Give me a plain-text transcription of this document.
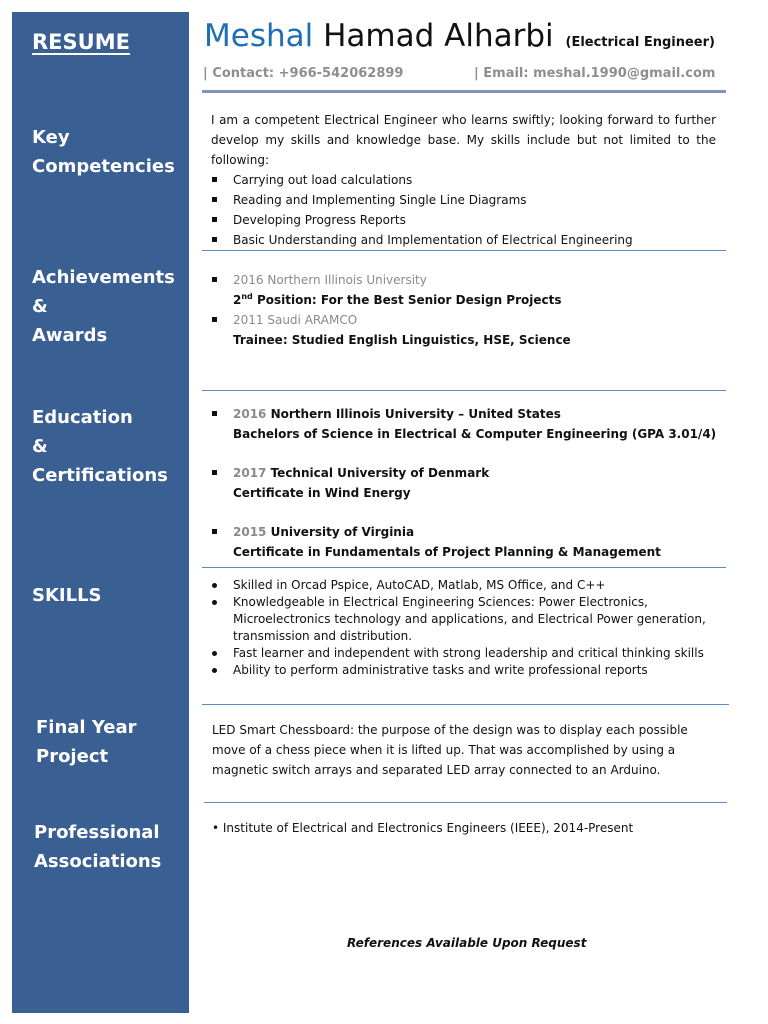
RESUME
Key
Competencies
Achievements
&
Awards
Education
&
Certifications
SKILLS
Final Year
Project
Professional
Associations
Meshal Hamad Alharbi (Electrical Engineer)
| Contact: +966-542062899	| Email: meshal.1990@gmail.com
I am a competent Electrical Engineer who learns swiftly; looking forward to further develop my skills and knowledge base. My skills include but not limited to the following:
Carrying out load calculations
Reading and Implementing Single Line Diagrams
Developing Progress Reports
Basic Understanding and Implementation of Electrical Engineering
2016 Northern Illinois University
2nd Position: For the Best Senior Design Projects
2011 Saudi ARAMCO
Trainee: Studied English Linguistics, HSE, Science
2016 Northern Illinois University – United States
Bachelors of Science in Electrical & Computer Engineering (GPA 3.01/4)
2017 Technical University of Denmark
Certificate in Wind Energy
2015 University of Virginia
Certificate in Fundamentals of Project Planning & Management
Skilled in Orcad Pspice, AutoCAD, Matlab, MS Office, and C++
Knowledgeable in Electrical Engineering Sciences: Power Electronics, Microelectronics technology and applications, and Electrical Power generation, transmission and distribution.
Fast learner and independent with strong leadership and critical thinking skills
Ability to perform administrative tasks and write professional reports
LED Smart Chessboard: the purpose of the design was to display each possible move of a chess piece when it is lifted up. That was accomplished by using a magnetic switch arrays and separated LED array connected to an Arduino.
• Institute of Electrical and Electronics Engineers (IEEE), 2014-Present
References Available Upon Request
